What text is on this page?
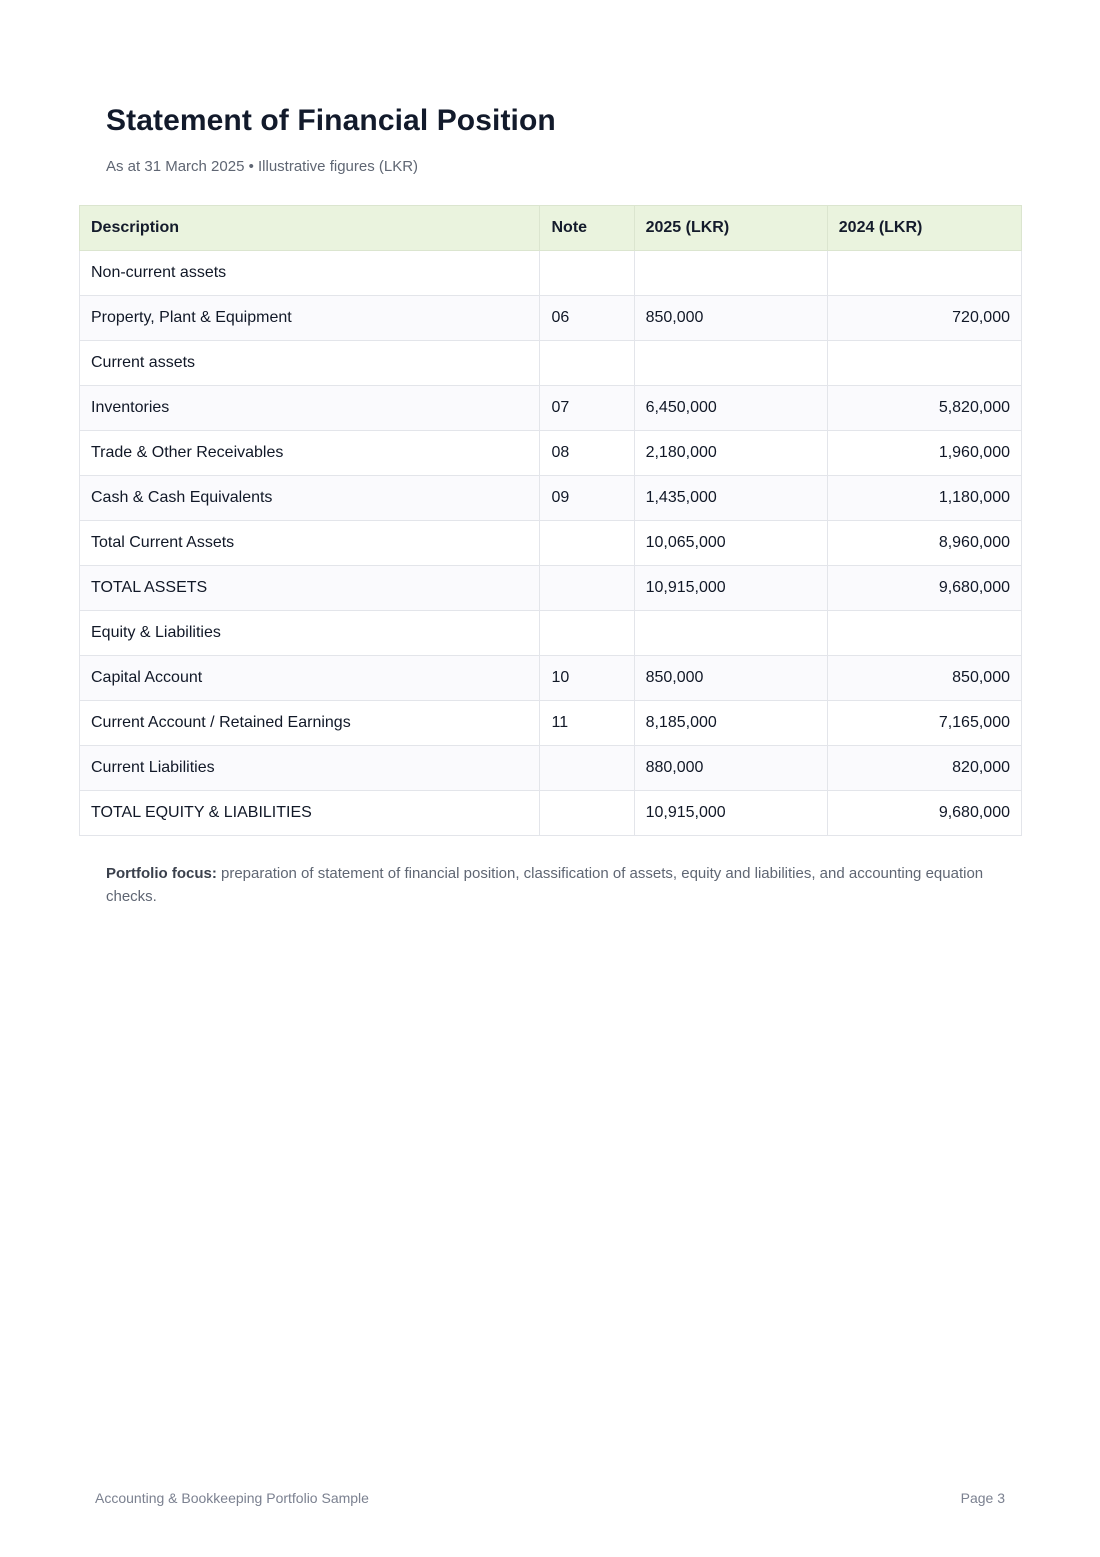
Statement of Financial Position

As at 31 March 2025 • Illustrative figures (LKR)

Description	Note	2025 (LKR)	2024 (LKR)
Non-current assets			
Property, Plant & Equipment	06	850,000	720,000
Current assets			
Inventories	07	6,450,000	5,820,000
Trade & Other Receivables	08	2,180,000	1,960,000
Cash & Cash Equivalents	09	1,435,000	1,180,000
Total Current Assets		10,065,000	8,960,000
TOTAL ASSETS		10,915,000	9,680,000
Equity & Liabilities			
Capital Account	10	850,000	850,000
Current Account / Retained Earnings	11	8,185,000	7,165,000
Current Liabilities		880,000	820,000
TOTAL EQUITY & LIABILITIES		10,915,000	9,680,000

Portfolio focus: preparation of statement of financial position, classification of assets, equity and liabilities, and accounting equation checks.

Accounting & Bookkeeping Portfolio Sample	Page 3
